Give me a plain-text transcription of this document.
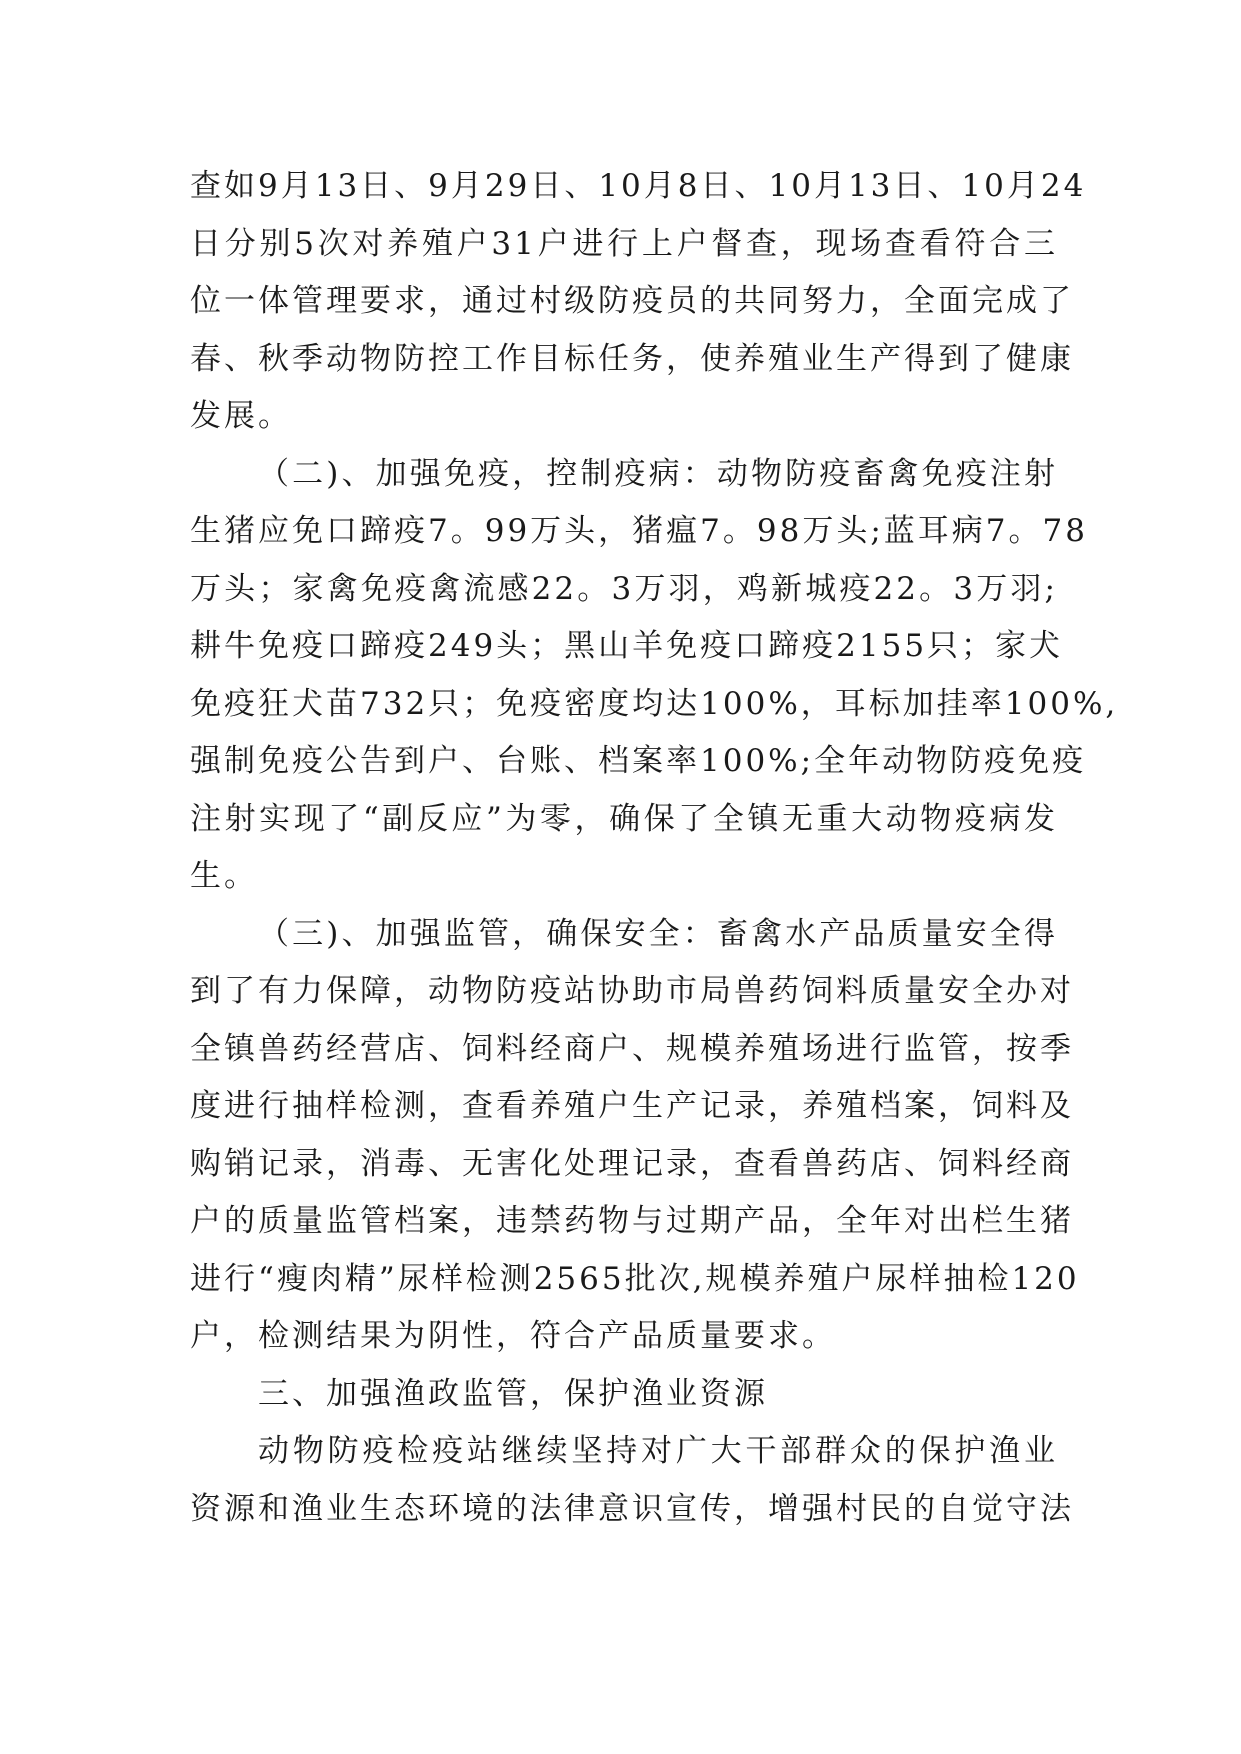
查如9月13日、9月29日、10月8日、10月13日、10月24
日分别5次对养殖户31户进行上户督查，现场查看符合三
位一体管理要求，通过村级防疫员的共同努力，全面完成了
春、秋季动物防控工作目标任务，使养殖业生产得到了健康
发展。
（二)、加强免疫，控制疫病：动物防疫畜禽免疫注射
生猪应免口蹄疫7。99万头，猪瘟7。98万头;蓝耳病7。78
万头；家禽免疫禽流感22。3万羽，鸡新城疫22。3万羽;
耕牛免疫口蹄疫249头；黑山羊免疫口蹄疫2155只；家犬
免疫狂犬苗732只；免疫密度均达100%，耳标加挂率100%,
强制免疫公告到户、台账、档案率100%;全年动物防疫免疫
注射实现了“副反应”为零，确保了全镇无重大动物疫病发
生。
（三)、加强监管，确保安全：畜禽水产品质量安全得
到了有力保障，动物防疫站协助市局兽药饲料质量安全办对
全镇兽药经营店、饲料经商户、规模养殖场进行监管，按季
度进行抽样检测，查看养殖户生产记录，养殖档案，饲料及
购销记录，消毒、无害化处理记录，查看兽药店、饲料经商
户的质量监管档案，违禁药物与过期产品，全年对出栏生猪
进行“瘦肉精”尿样检测2565批次,规模养殖户尿样抽检120
户，检测结果为阴性，符合产品质量要求。
三、加强渔政监管，保护渔业资源
动物防疫检疫站继续坚持对广大干部群众的保护渔业
资源和渔业生态环境的法律意识宣传，增强村民的自觉守法
